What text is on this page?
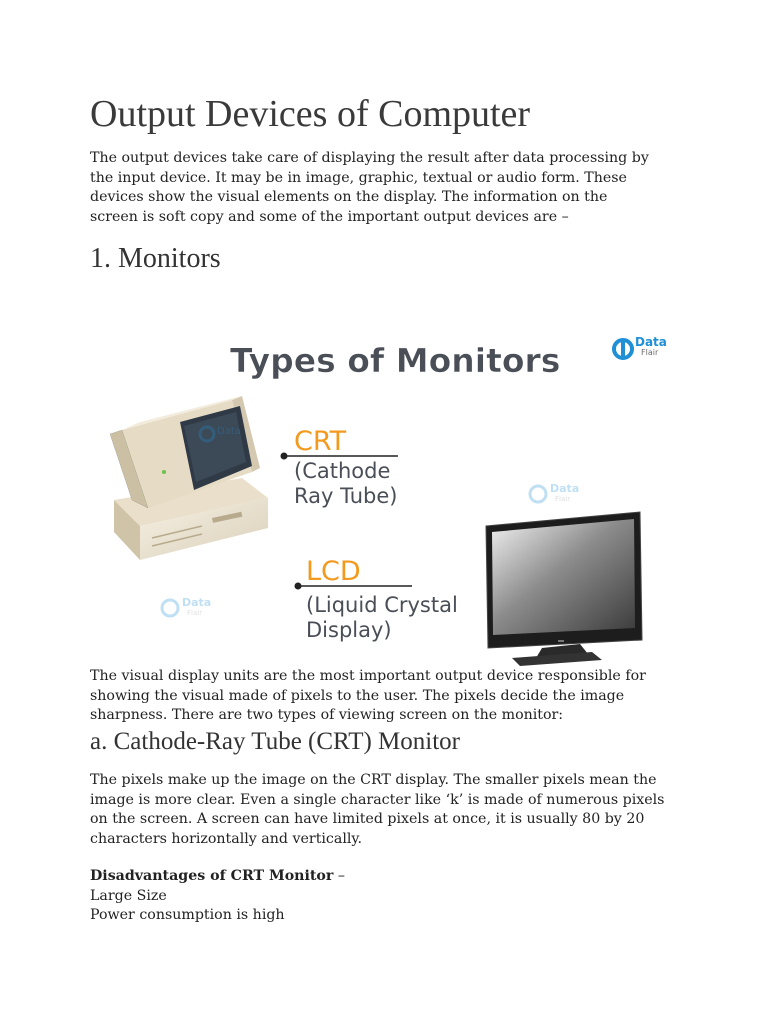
Output Devices of Computer

The output devices take care of displaying the result after data processing by
the input device. It may be in image, graphic, textual or audio form. These
devices show the visual elements on the display. The information on the
screen is soft copy and some of the important output devices are –

1. Monitors

The visual display units are the most important output device responsible for
showing the visual made of pixels to the user. The pixels decide the image
sharpness. There are two types of viewing screen on the monitor:

a. Cathode-Ray Tube (CRT) Monitor

The pixels make up the image on the CRT display. The smaller pixels mean the
image is more clear. Even a single character like ‘k’ is made of numerous pixels
on the screen. A screen can have limited pixels at once, it is usually 80 by 20
characters horizontally and vertically.

Disadvantages of CRT Monitor –
Large Size
Power consumption is high

Types of Monitors	Data
Flair
Data
Data
Flair
Data
Flair
CRT
(Cathode
Ray Tube)
LCD
(Liquid Crystal
Display)
